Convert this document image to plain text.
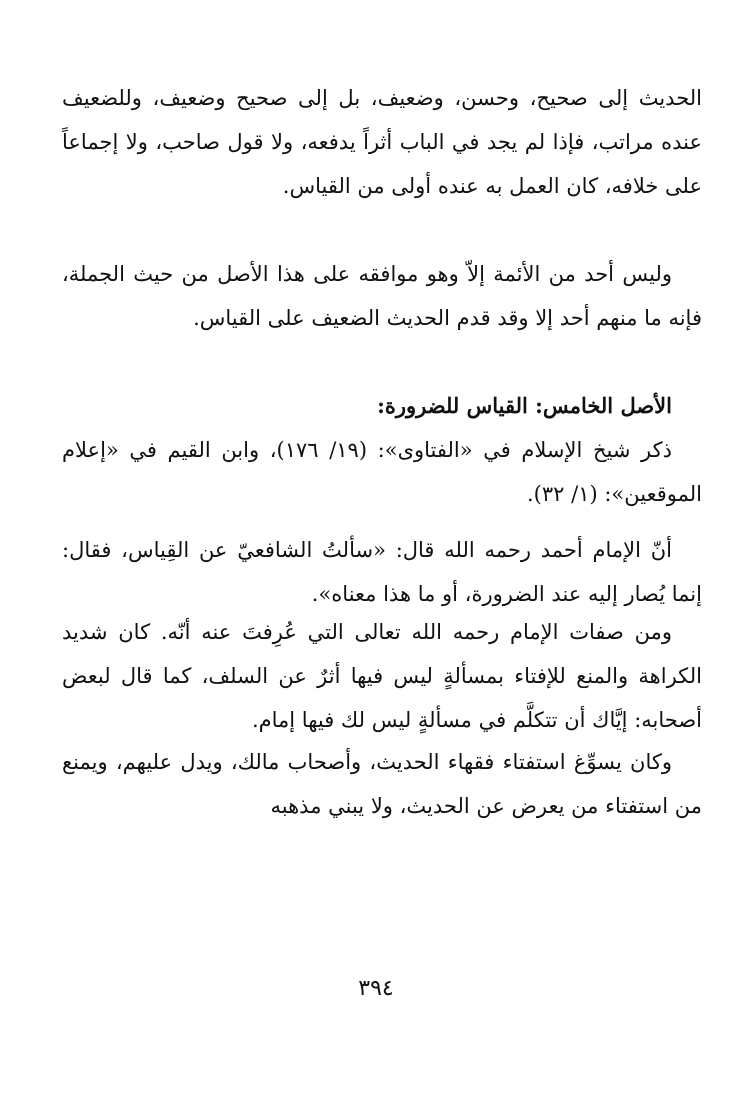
الحديث إلى صحيح، وحسن، وضعيف، بل إلى صحيح وضعيف، وللضعيف عنده مراتب، فإذا لم يجد في الباب أثراً يدفعه، ولا قول صاحب، ولا إجماعاً على خلافه، كان العمل به عنده أولى من القياس.

وليس أحد من الأئمة إلاّ وهو موافقه على هذا الأصل من حيث الجملة، فإنه ما منهم أحد إلا وقد قدم الحديث الضعيف على القياس.

الأصل الخامس: القياس للضرورة:

ذكر شيخ الإسلام في «الفتاوى»: (١٩/ ١٧٦)، وابن القيم في «إعلام الموقعين»: (١/ ٣٢).

أنّ الإمام أحمد رحمه الله قال: «سألتُ الشافعيّ عن القِياس، فقال: إنما يُصار إليه عند الضرورة، أو ما هذا معناه».

ومن صفات الإمام رحمه الله تعالى التي عُرِفتَ عنه أنّه. كان شديد الكراهة والمنع للإفتاء بمسألةٍ ليس فيها أثرٌ عن السلف، كما قال لبعض أصحابه: إيَّاك أن تتكلَّم في مسألةٍ ليس لك فيها إمام.

وكان يسوِّغ استفتاء فقهاء الحديث، وأصحاب مالك، ويدل عليهم، ويمنع من استفتاء من يعرض عن الحديث، ولا يبني مذهبه

٣٩٤
